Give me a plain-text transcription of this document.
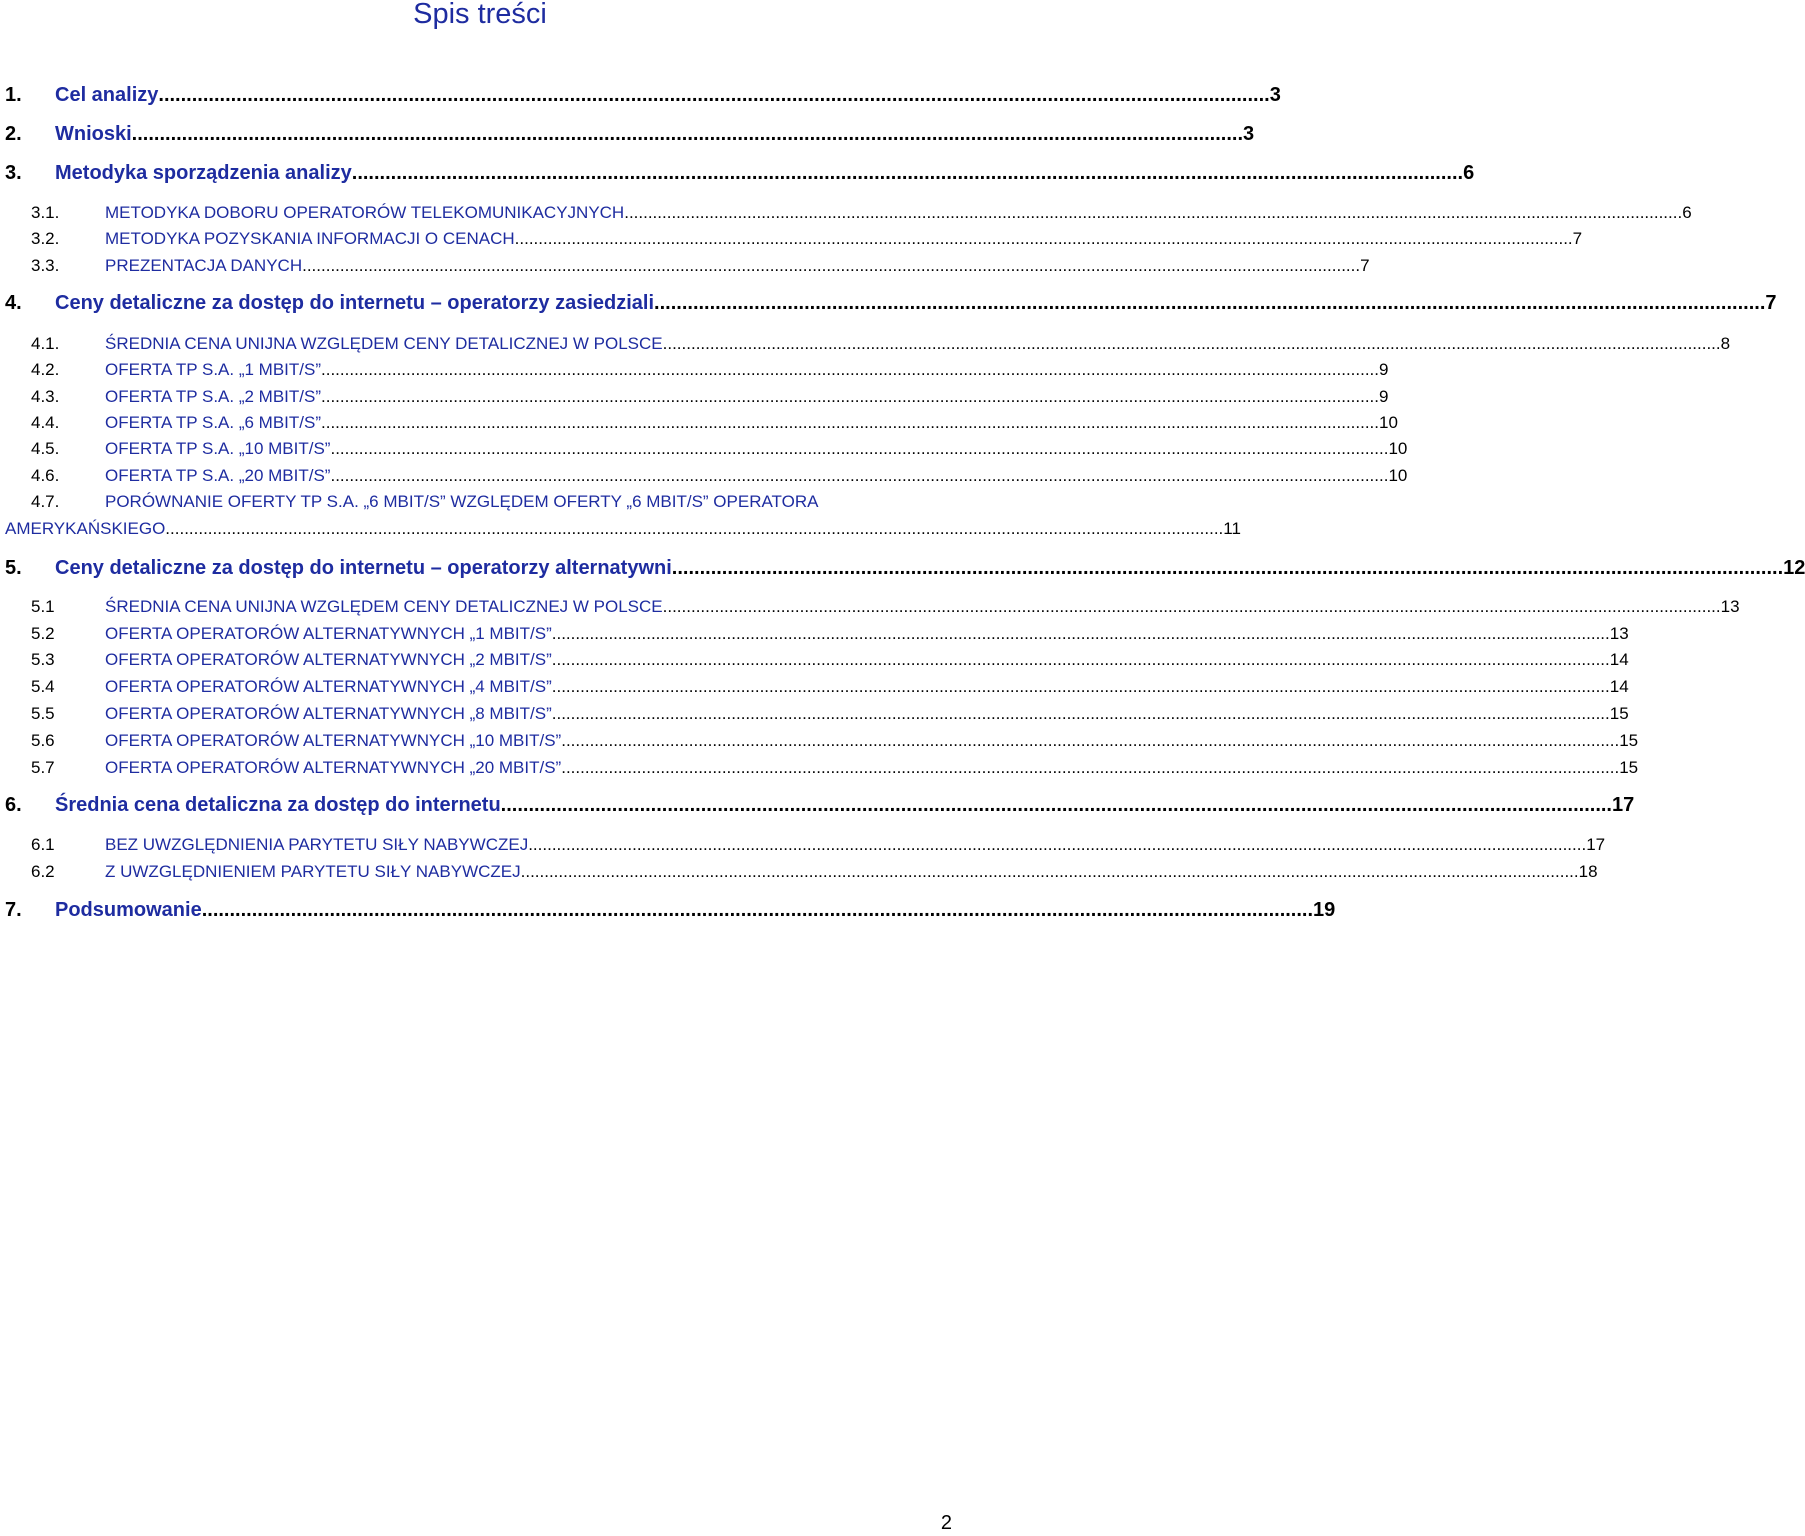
Spis treści
1. Cel analizy ........................................................................................................................................................................................................ 3
2. Wnioski ........................................................................................................................................................................................................ 3
3. Metodyka sporządzenia analizy ........................................................................................................................................................................................................ 6
3.1.	METODYKA DOBORU OPERATORÓW TELEKOMUNIKACYJNYCH ................................................................................................................................................................................................................................ 6
3.2.	METODYKA POZYSKANIA INFORMACJI O CENACH ................................................................................................................................................................................................................................ 7
3.3.	PREZENTACJA DANYCH ................................................................................................................................................................................................................................ 7
4. Ceny detaliczne za dostęp do internetu – operatorzy zasiedziali ........................................................................................................................................................................................................ 7
4.1.	ŚREDNIA CENA UNIJNA WZGLĘDEM CENY DETALICZNEJ W POLSCE ................................................................................................................................................................................................................................ 8
4.2.	OFERTA TP S.A. „1 MBIT/S” ................................................................................................................................................................................................................................ 9
4.3.	OFERTA TP S.A. „2 MBIT/S” ................................................................................................................................................................................................................................ 9
4.4.	OFERTA TP S.A. „6 MBIT/S” ................................................................................................................................................................................................................................ 10
4.5.	OFERTA TP S.A. „10 MBIT/S” ................................................................................................................................................................................................................................ 10
4.6.	OFERTA TP S.A. „20 MBIT/S” ................................................................................................................................................................................................................................ 10
4.7.	PORÓWNANIE OFERTY TP S.A. „6 MBIT/S” WZGLĘDEM OFERTY „6 MBIT/S” OPERATORA
AMERYKAŃSKIEGO ................................................................................................................................................................................................................................ 11
5. Ceny detaliczne za dostęp do internetu – operatorzy alternatywni ........................................................................................................................................................................................................ 12
5.1	ŚREDNIA CENA UNIJNA WZGLĘDEM CENY DETALICZNEJ W POLSCE ................................................................................................................................................................................................................................ 13
5.2	OFERTA OPERATORÓW ALTERNATYWNYCH „1 MBIT/S” ................................................................................................................................................................................................................................ 13
5.3	OFERTA OPERATORÓW ALTERNATYWNYCH „2 MBIT/S” ................................................................................................................................................................................................................................ 14
5.4	OFERTA OPERATORÓW ALTERNATYWNYCH „4 MBIT/S” ................................................................................................................................................................................................................................ 14
5.5	OFERTA OPERATORÓW ALTERNATYWNYCH „8 MBIT/S” ................................................................................................................................................................................................................................ 15
5.6	OFERTA OPERATORÓW ALTERNATYWNYCH „10 MBIT/S” ................................................................................................................................................................................................................................ 15
5.7	OFERTA OPERATORÓW ALTERNATYWNYCH „20 MBIT/S” ................................................................................................................................................................................................................................ 15
6. Średnia cena detaliczna za dostęp do internetu ........................................................................................................................................................................................................ 17
6.1	BEZ UWZGLĘDNIENIA PARYTETU SIŁY NABYWCZEJ ................................................................................................................................................................................................................................ 17
6.2	Z UWZGLĘDNIENIEM PARYTETU SIŁY NABYWCZEJ ................................................................................................................................................................................................................................ 18
7. Podsumowanie ........................................................................................................................................................................................................ 19
2
